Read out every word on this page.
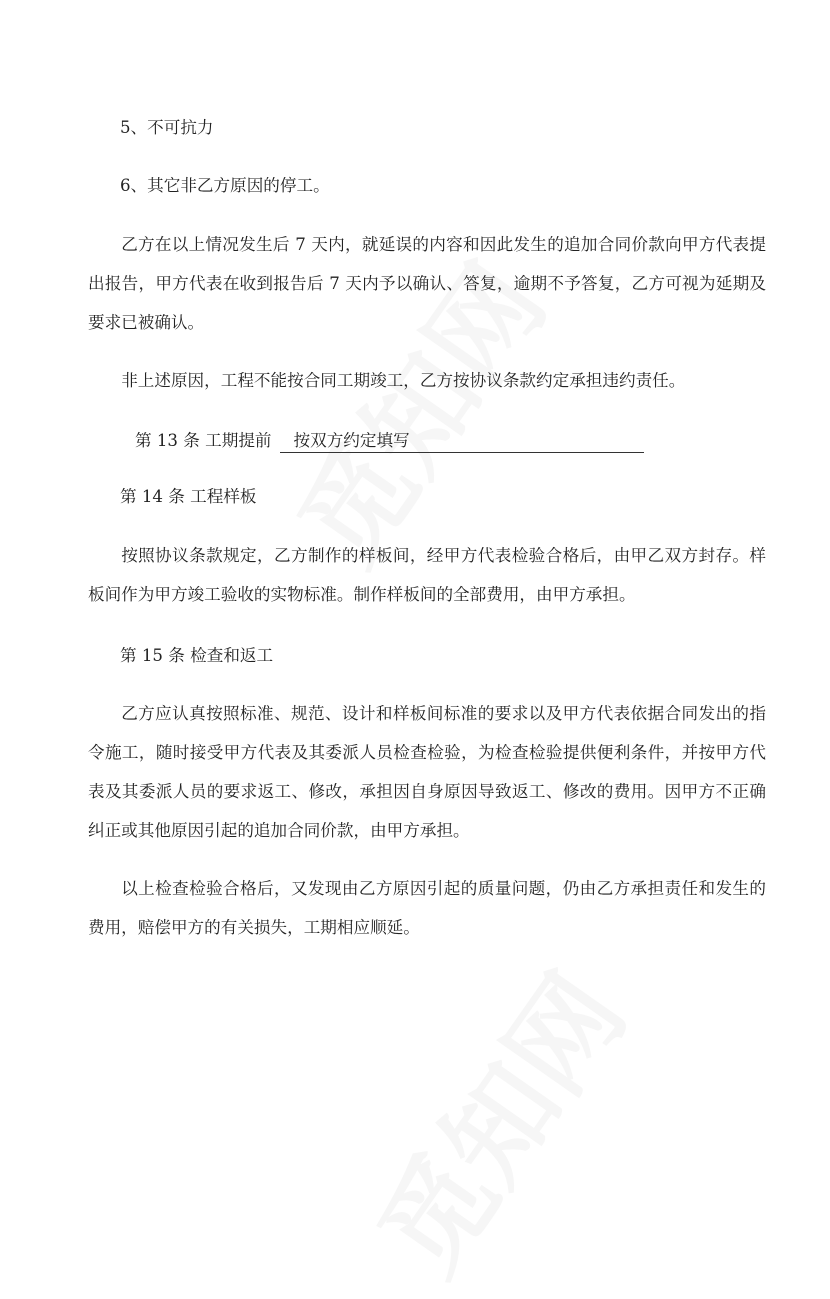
5、不可抗力

6、其它非乙方原因的停工。

乙方在以上情况发生后 7 天内，就延误的内容和因此发生的追加合同价款向甲方代表提出报告，甲方代表在收到报告后 7 天内予以确认、答复，逾期不予答复，乙方可视为延期及要求已被确认。

非上述原因，工程不能按合同工期竣工，乙方按协议条款约定承担违约责任。

第 13 条 工期提前 按双方约定填写

第 14 条 工程样板

按照协议条款规定，乙方制作的样板间，经甲方代表检验合格后，由甲乙双方封存。样板间作为甲方竣工验收的实物标准。制作样板间的全部费用，由甲方承担。

第 15 条 检查和返工

乙方应认真按照标准、规范、设计和样板间标准的要求以及甲方代表依据合同发出的指令施工，随时接受甲方代表及其委派人员检查检验，为检查检验提供便利条件，并按甲方代表及其委派人员的要求返工、修改，承担因自身原因导致返工、修改的费用。因甲方不正确纠正或其他原因引起的追加合同价款，由甲方承担。

以上检查检验合格后，又发现由乙方原因引起的质量问题，仍由乙方承担责任和发生的费用，赔偿甲方的有关损失，工期相应顺延。
